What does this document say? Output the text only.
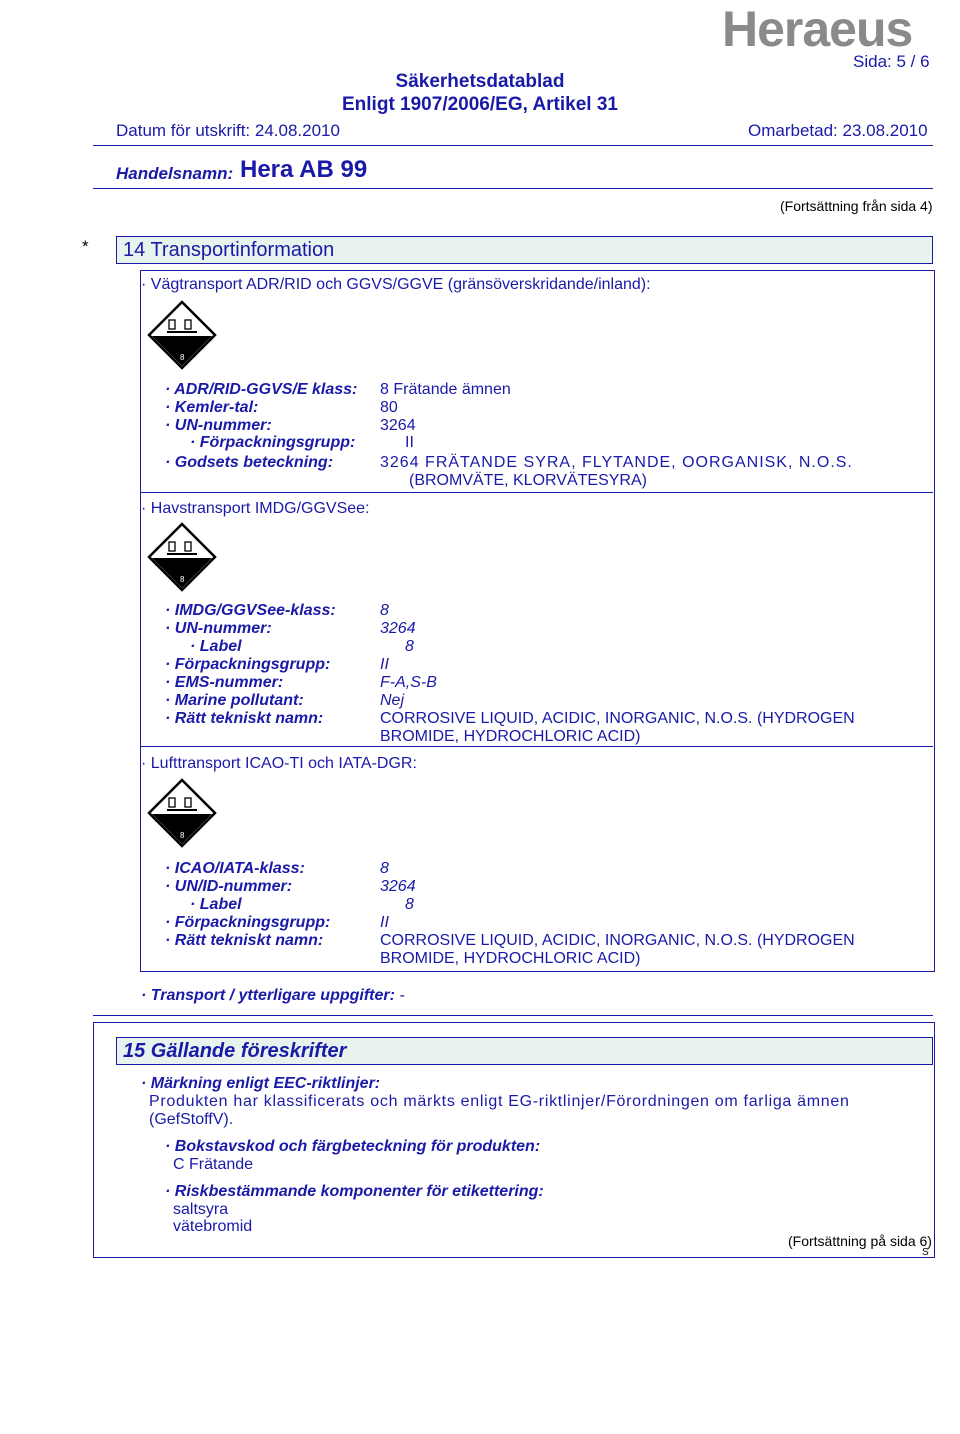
Heraeus
Sida: 5 / 6
Säkerhetsdatablad
Enligt 1907/2006/EG, Artikel 31
Datum för utskrift: 24.08.2010	Omarbetad: 23.08.2010
Handelsnamn: Hera AB 99
(Fortsättning från sida 4)
* 14 Transportinformation
· Vägtransport ADR/RID och GGVS/GGVE (gränsöverskridande/inland):
8
· ADR/RID-GGVS/E klass: 8 Frätande ämnen
· Kemler-tal:	80
· UN-nummer:	3264
· Förpackningsgrupp:	II
· Godsets beteckning:	3264 FRÄTANDE SYRA, FLYTANDE, OORGANISK, N.O.S.
(BROMVÄTE, KLORVÄTESYRA)
· Havstransport IMDG/GGVSee:
8
· IMDG/GGVSee-klass:	8
· UN-nummer:	3264
· Label	8
· Förpackningsgrupp:	II
· EMS-nummer:	F-A,S-B
· Marine pollutant:	Nej
· Rätt tekniskt namn:	CORROSIVE LIQUID, ACIDIC, INORGANIC, N.O.S. (HYDROGEN
BROMIDE, HYDROCHLORIC ACID)
· Lufttransport ICAO-TI och IATA-DGR:
8
· ICAO/IATA-klass:	8
· UN/ID-nummer:	3264
· Label	8
· Förpackningsgrupp:	II
· Rätt tekniskt namn:	CORROSIVE LIQUID, ACIDIC, INORGANIC, N.O.S. (HYDROGEN
BROMIDE, HYDROCHLORIC ACID)
· Transport / ytterligare uppgifter: -
15 Gällande föreskrifter
· Märkning enligt EEC-riktlinjer:
Produkten har klassificerats och märkts enligt EG-riktlinjer/Förordningen om farliga ämnen
(GefStoffV).
· Bokstavskod och färgbeteckning för produkten:
C Frätande
· Riskbestämmande komponenter för etikettering:
saltsyra
vätebromid
(Fortsättning på sida 6)
S
